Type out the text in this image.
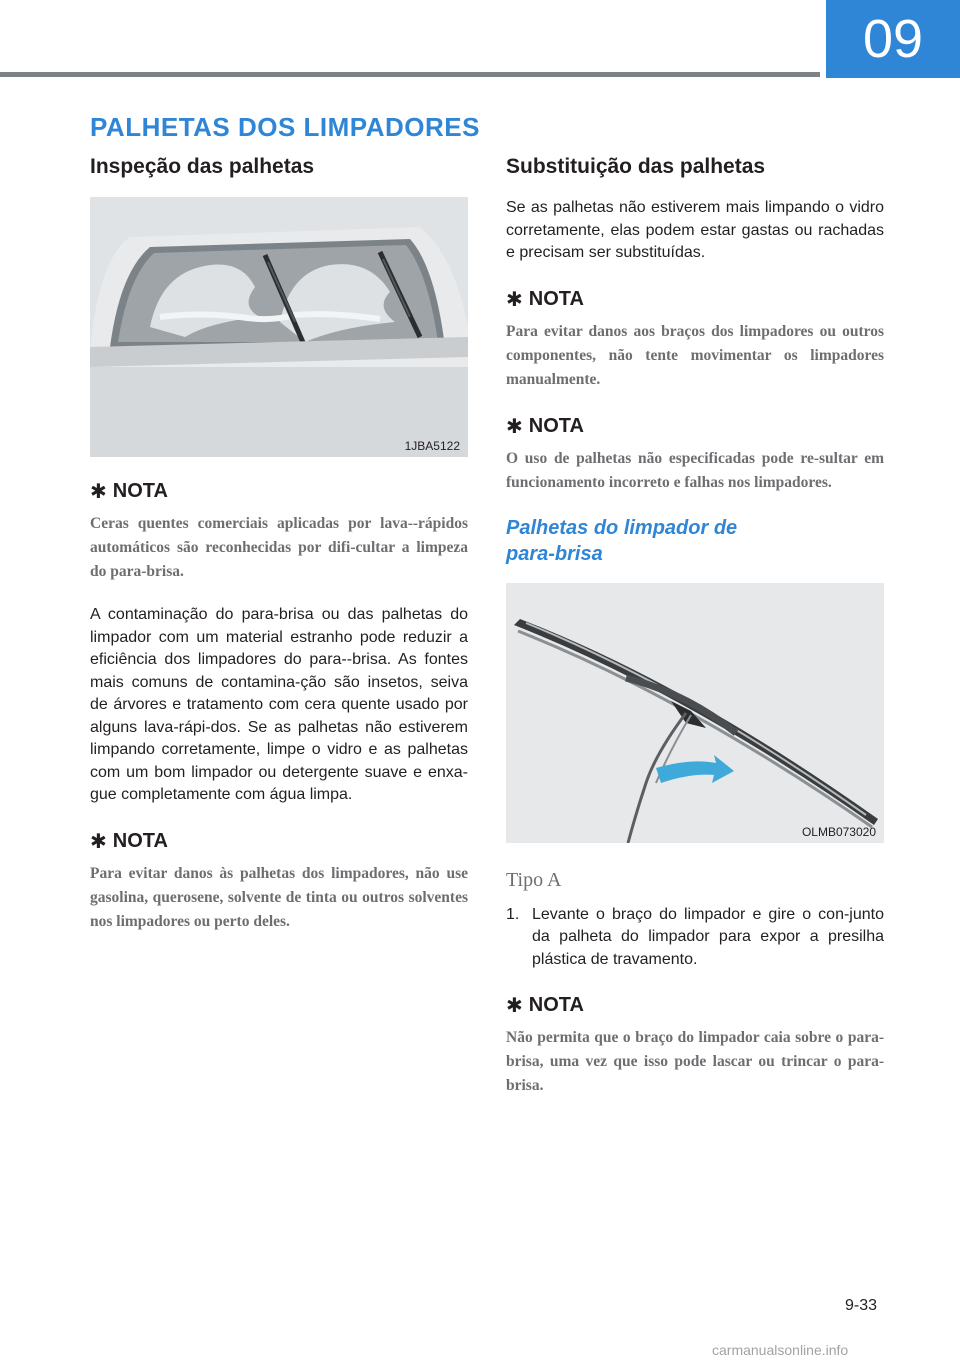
09
PALHETAS DOS LIMPADORES
Inspeção das palhetas
1JBA5122
✱ NOTA

Ceras quentes comerciais aplicadas por lava--rápidos automáticos são reconhecidas por difi-cultar a limpeza do para-brisa.

A contaminação do para-brisa ou das palhetas do limpador com um material estranho pode reduzir a eficiência dos limpadores do para--brisa. As fontes mais comuns de contamina-ção são insetos, seiva de árvores e tratamento com cera quente usado por alguns lava-rápi-dos. Se as palhetas não estiverem limpando corretamente, limpe o vidro e as palhetas com um bom limpador ou detergente suave e enxa-gue completamente com água limpa.

✱ NOTA

Para evitar danos às palhetas dos limpadores, não use gasolina, querosene, solvente de tinta ou outros solventes nos limpadores ou perto deles.

Substituição das palhetas

Se as palhetas não estiverem mais limpando o vidro corretamente, elas podem estar gastas ou rachadas e precisam ser substituídas.

✱ NOTA

Para evitar danos aos braços dos limpadores ou outros componentes, não tente movimentar os limpadores manualmente.

✱ NOTA

O uso de palhetas não especificadas pode re-sultar em funcionamento incorreto e falhas nos limpadores.

Palhetas do limpador de
para-brisa
OLMB073020
Tipo A
1. Levante o braço do limpador e gire o con-junto da palheta do limpador para expor a presilha plástica de travamento.
✱ NOTA

Não permita que o braço do limpador caia sobre o para-brisa, uma vez que isso pode lascar ou trincar o para-brisa.

9-33
carmanualsonline.info
